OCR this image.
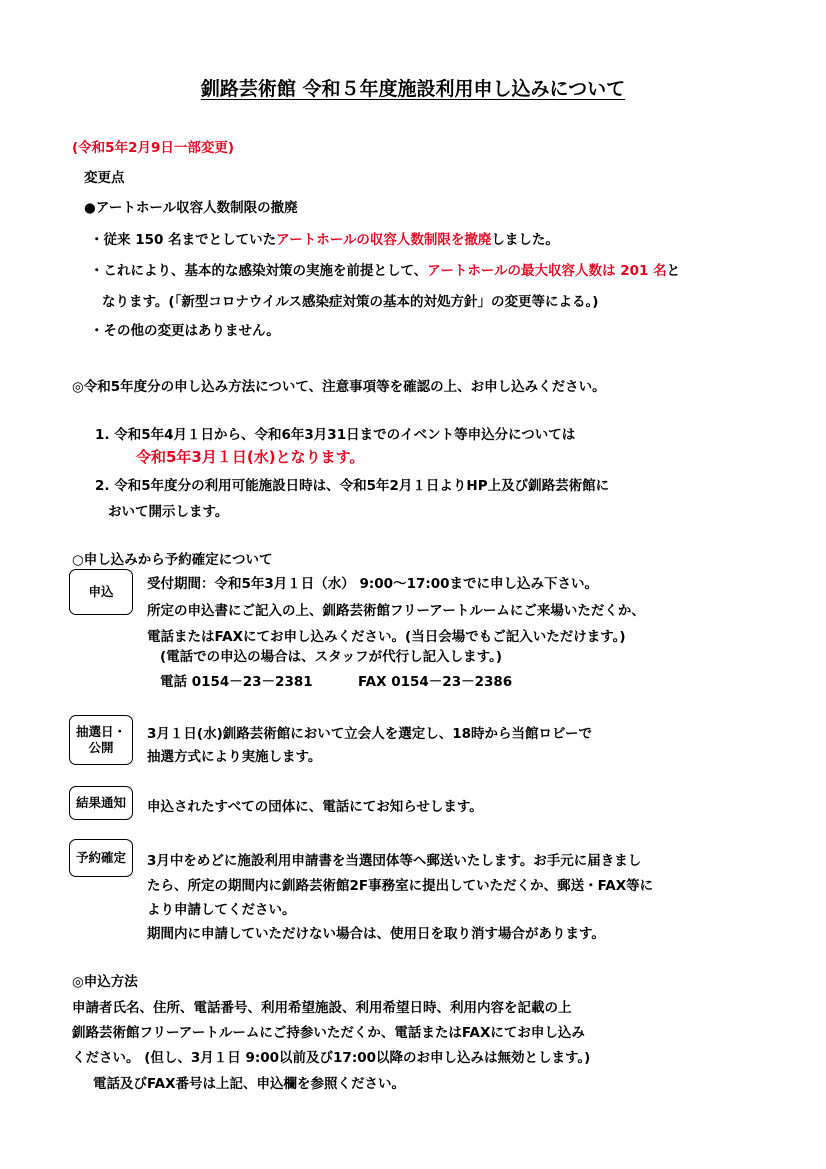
釧路芸術館 令和５年度施設利用申し込みについて
(令和5年2月9日一部変更)
変更点
●アートホール収容人数制限の撤廃
・従来 150 名までとしていたアートホールの収容人数制限を撤廃しました。
・これにより、基本的な感染対策の実施を前提として、アートホールの最大収容人数は 201 名と
なります。(「新型コロナウイルス感染症対策の基本的対処方針」の変更等による。)
・その他の変更はありません。
◎令和5年度分の申し込み方法について、注意事項等を確認の上、お申し込みください。
1. 令和5年4月１日から、令和6年3月31日までのイベント等申込分については
令和5年3月１日(水)となります。
2. 令和5年度分の利用可能施設日時は、令和5年2月１日よりHP上及び釧路芸術館に
おいて開示します。
○申し込みから予約確定について
申込 受付期間：令和5年3月１日（水） 9:00～17:00までに申し込み下さい。
所定の申込書にご記入の上、釧路芸術館フリーアートルームにご来場いただくか、
電話またはFAXにてお申し込みください。(当日会場でもご記入いただけます。)
(電話での申込の場合は、スタッフが代行し記入します。)
電話 0154－23－2381	FAX 0154－23－2386
抽選日・
公開
3月１日(水)釧路芸術館において立会人を選定し、18時から当館ロビーで
抽選方式により実施します。
結果通知 申込されたすべての団体に、電話にてお知らせします。
予約確定 3月中をめどに施設利用申請書を当選団体等へ郵送いたします。お手元に届きまし
たら、所定の期間内に釧路芸術館2F事務室に提出していただくか、郵送・FAX等に
より申請してください。
期間内に申請していただけない場合は、使用日を取り消す場合があります。
◎申込方法
申請者氏名、住所、電話番号、利用希望施設、利用希望日時、利用内容を記載の上
釧路芸術館フリーアートルームにご持参いただくか、電話またはFAXにてお申し込み
ください。 (但し、3月１日 9:00以前及び17:00以降のお申し込みは無効とします。)
電話及びFAX番号は上記、申込欄を参照ください。
